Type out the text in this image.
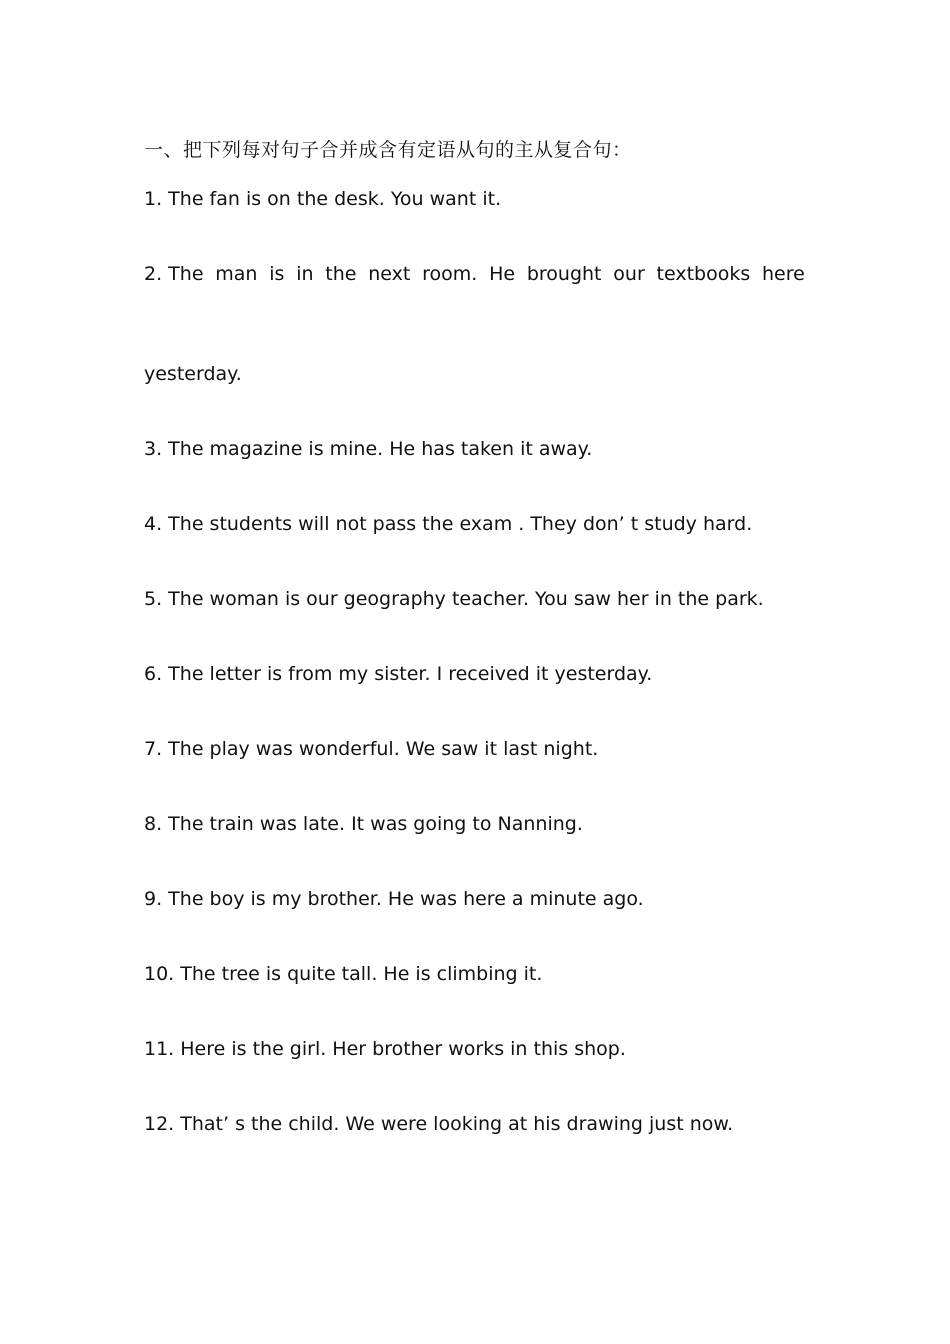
一、把下列每对句子合并成含有定语从句的主从复合句：
1. The fan is on the desk. You want it.
2. The man is in the next room. He brought our textbooks here
yesterday.
3. The magazine is mine. He has taken it away.
4. The students will not pass the exam . They don’ t study hard.
5. The woman is our geography teacher. You saw her in the park.
6. The letter is from my sister. I received it yesterday.
7. The play was wonderful. We saw it last night.
8. The train was late. It was going to Nanning.
9. The boy is my brother. He was here a minute ago.
10. The tree is quite tall. He is climbing it.
11. Here is the girl. Her brother works in this shop.
12. That’ s the child. We were looking at his drawing just now.
